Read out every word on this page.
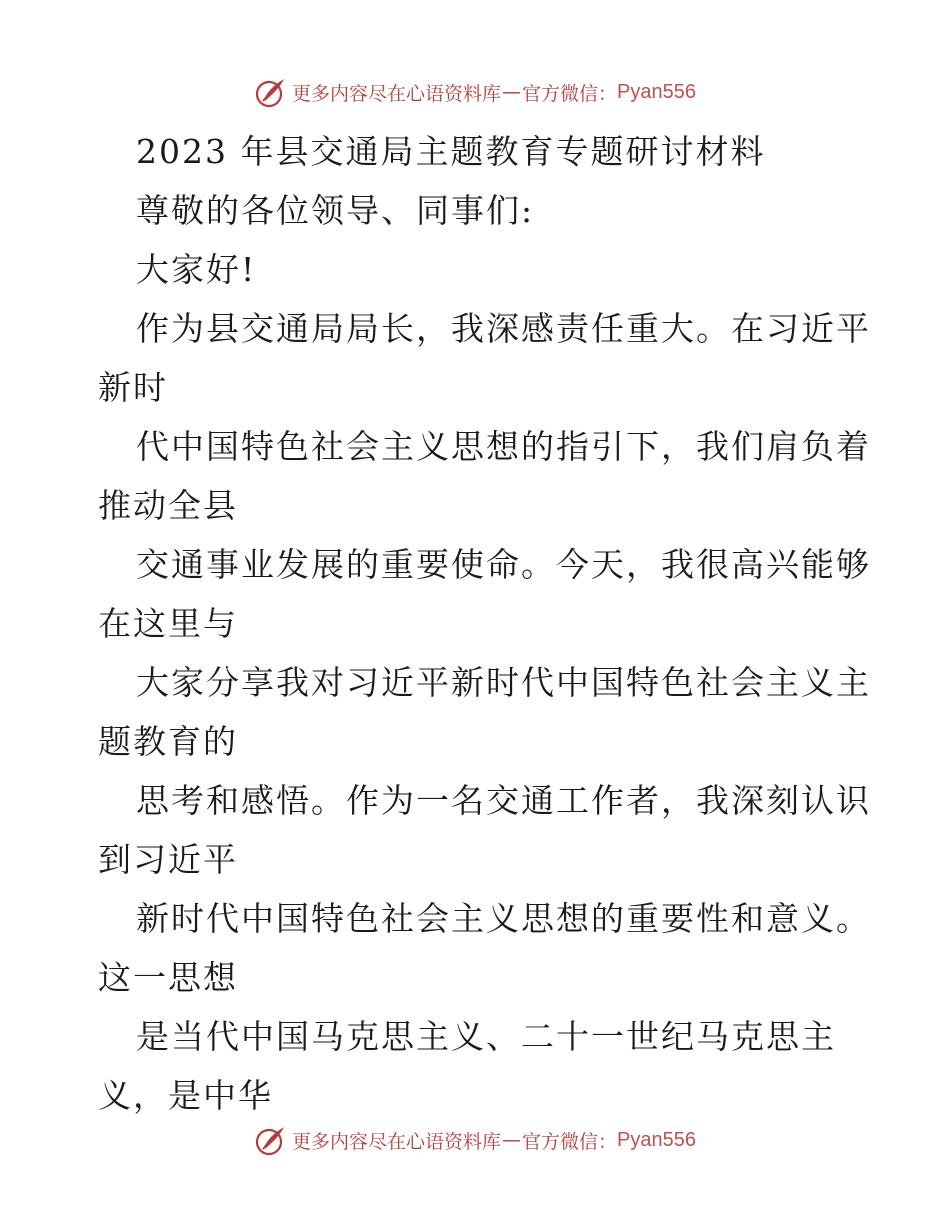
更多内容尽在心语资料库 — 官方微信： Pyan556
2023 年县交通局主题教育专题研讨材料
尊敬的各位领导、同事们:
大家好!
作为县交通局局长，我深感责任重大。在习近平
新时
代中国特色社会主义思想的指引下，我们肩负着
推动全县
交通事业发展的重要使命。今天，我很高兴能够
在这里与
大家分享我对习近平新时代中国特色社会主义主
题教育的
思考和感悟。作为一名交通工作者，我深刻认识
到习近平
新时代中国特色社会主义思想的重要性和意义。
这一思想
是当代中国马克思主义、二十一世纪马克思主
义，是中华
更多内容尽在心语资料库 — 官方微信： Pyan556
